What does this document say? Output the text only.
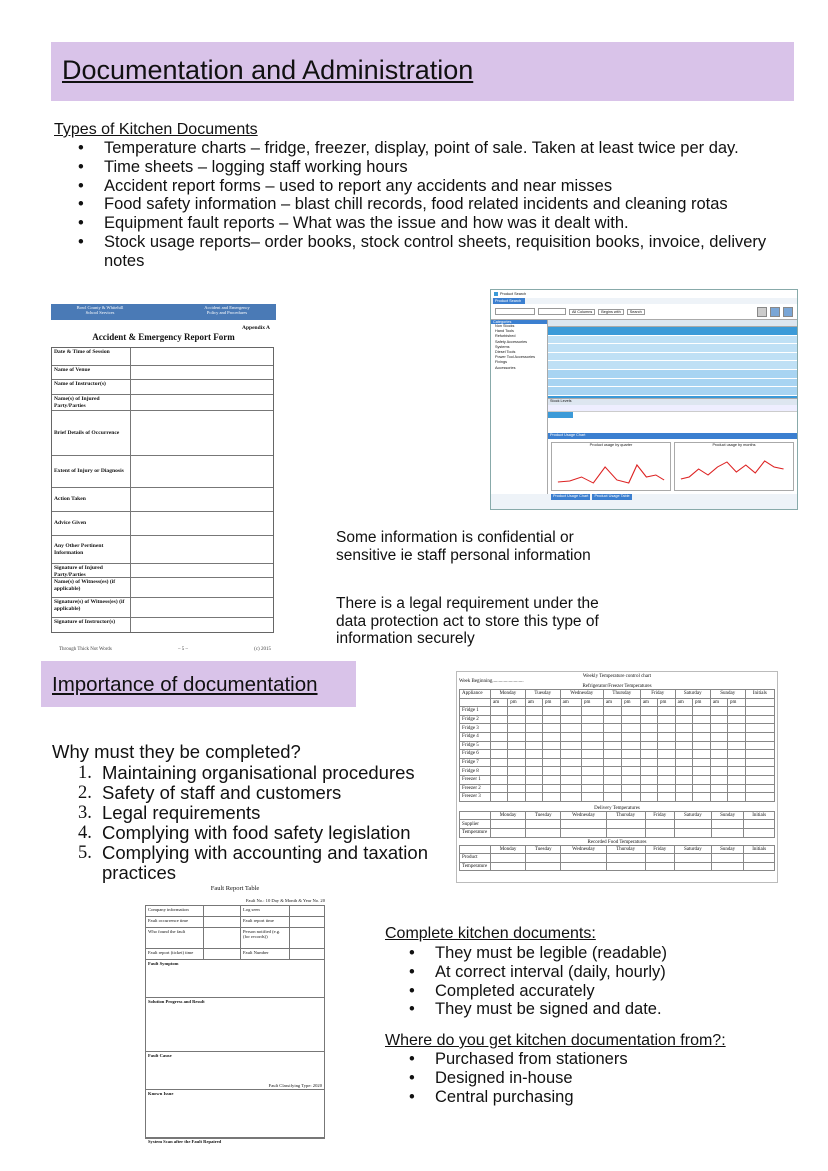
Documentation and Administration
Types of Kitchen Documents
• Temperature charts – fridge, freezer, display, point of sale. Taken at least twice per day.
• Time sheets – logging staff working hours
• Accident report forms – used to report any accidents and near misses
• Food safety information – blast chill records, food related incidents and cleaning rotas
• Equipment fault reports – What was the issue and how was it dealt with.
• Stock usage reports– order books, stock control sheets, requisition books, invoice, delivery notes
Bowl County & Whitehill
School Services
Accident and Emergency
Policy and Procedures
Appendix A
Accident & Emergency Report Form
Date & Time of Session
Name of Venue
Name of Instructor(s)
Name(s) of Injured Party/Parties
Brief Details of Occurrence
Extent of Injury or Diagnosis
Action Taken
Advice Given
Any Other Pertinent Information
Signature of Injured Party/Parties
Name(s) of Witness(es) (if applicable)
Signature(s) of Witness(es) (if applicable)
Signature of Instructor(s)
Through Thick Not Words	– 5 –	(c) 2015
Product Search
Product Search
All Columns	Begins with	Search
Categories
Non Stocks
Hand Tools
Refurbished
Safety Accessories
Systems
Diesel Tools
Power Tool Accessories
Fixings
Accessories
Stock Levels
Product Usage Chart
Product usage by quarter	Product usage by months
Product Usage Chart	Product Usage Table
Some information is confidential or sensitive ie staff personal information
There is a legal requirement under the data protection act to store this type of information securely
Importance of documentation
Why must they be completed?
1. Maintaining organisational procedures
2. Safety of staff and customers
3. Legal requirements
4. Complying with food safety legislation
5. Complying with accounting and taxation practices
Weekly Temperature control chart
Week Beginning.........................
Refrigerator/Freezer Temperatures
Appliance	Monday		Tuesday		Wednesday		Thursday		Friday		Saturday		Sunday		Initials
	am	pm	am	pm	am	pm	am	pm	am	pm	am	pm	am	pm	
Fridge 1															
Fridge 2															
Fridge 3															
Fridge 4															
Fridge 5															
Fridge 6															
Fridge 7															
Fridge 8															
Freezer 1															
Freezer 2															
Freezer 3															
Delivery Temperatures
	Monday	Tuesday	Wednesday	Thursday	Friday	Saturday	Sunday	Initials
Supplier								
Temperature								
Recorded Food Temperatures
	Monday	Tuesday	Wednesday	Thursday	Friday	Saturday	Sunday	Initials
Product								
Temperature								
Fault Report Table
Fault No.: 10 Day & Month & Year No. 20
Company information	Log seen
Fault occurrence time	Fault report time
Who found the fault	Person notified (e.g. (for records))
Fault report (ticket) time	Fault Number
Fault Symptom
Solution Progress and Result
Fault Cause
Fault Classifying Type: 2020
Known Issue
System Scan after the Fault Repaired
Complete kitchen documents:
• They must be legible (readable)
• At correct interval (daily, hourly)
• Completed accurately
• They must be signed and date.
Where do you get kitchen documentation from?:
• Purchased from stationers
• Designed in-house
• Central purchasing
